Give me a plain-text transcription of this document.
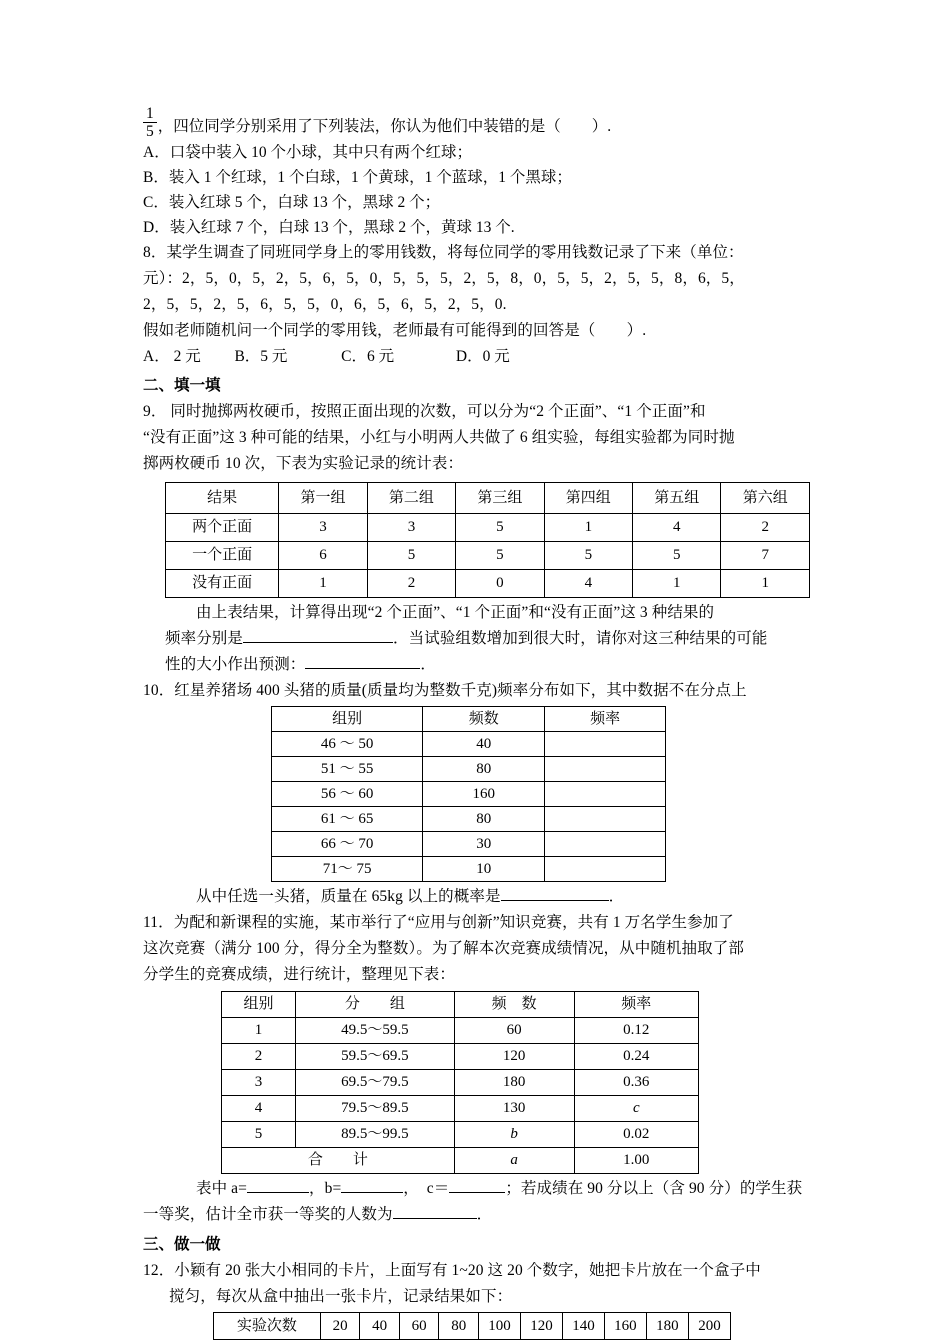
$\frac{1}{5}$ ，四位同学分别采用了下列装法，你认为他们中装错的是（　　）.

A．口袋中装入 10 个小球，其中只有两个红球；

B．装入 1 个红球，1 个白球，1 个黄球，1 个蓝球，1 个黑球；

C．装入红球 5 个，白球 13 个，黑球 2 个；

D．装入红球 7 个，白球 13 个，黑球 2 个，黄球 13 个.

8．某学生调查了同班同学身上的零用钱数，将每位同学的零用钱数记录了下来（单位：

元）：2，5，0，5，2，5，6，5，0，5，5，5，2，5，8，0，5，5，2，5，5，8，6，5，

2，5，5，2，5，6，5，5，0，6，5，6，5，2，5，0.

假如老师随机问一个同学的零用钱，老师最有可能得到的回答是（　　）.

A． 2 元 B．5 元	C．6 元	D．0 元

二、填一填

9． 同时抛掷两枚硬币，按照正面出现的次数，可以分为“2 个正面”、“1 个正面”和

“没有正面”这 3 种可能的结果，小红与小明两人共做了 6 组实验，每组实验都为同时抛

掷两枚硬币 10 次，下表为实验记录的统计表：

结果	第一组	第二组	第三组	第四组	第五组	第六组
两个正面	3	3	5	1	4	2
一个正面	6	5	5	5	5	7
没有正面	1	2	0	4	1	1

由上表结果，计算得出现“2 个正面”、“1 个正面”和“没有正面”这 3 种结果的

频率分别是	．当试验组数增加到很大时，请你对这三种结果的可能

性的大小作出预测：	．

10．红星养猪场 400 头猪的质量(质量均为整数千克)频率分布如下，其中数据不在分点上

组别	频数	频率
46 ～ 50	40	
51 ～ 55	80	
56 ～ 60	160	
61 ～ 65	80	
66 ～ 70	30	
71～ 75	10	

从中任选一头猪，质量在 65kg 以上的概率是	．

11．为配和新课程的实施，某市举行了“应用与创新”知识竞赛，共有 1 万名学生参加了

这次竞赛（满分 100 分，得分全为整数）。为了解本次竞赛成绩情况，从中随机抽取了部

分学生的竞赛成绩，进行统计，整理见下表：

组别	分　　组	频　数	频率
1	49.5～59.5	60	0.12
2	59.5～69.5	120	0.24
3	69.5～79.5	180	0.36
4	79.5～89.5	130	c
5	89.5～99.5	b	0.02
合　　计		a	1.00

表中 a=	，b=	，　c＝	；若成绩在 90 分以上（含 90 分）的学生获

一等奖，估计全市获一等奖的人数为	．

三、做一做

12．小颖有 20 张大小相同的卡片，上面写有 1~20 这 20 个数字，她把卡片放在一个盒子中

搅匀，每次从盒中抽出一张卡片，记录结果如下：

实验次数	20	40	60	80	100	120	140	160	180	200
